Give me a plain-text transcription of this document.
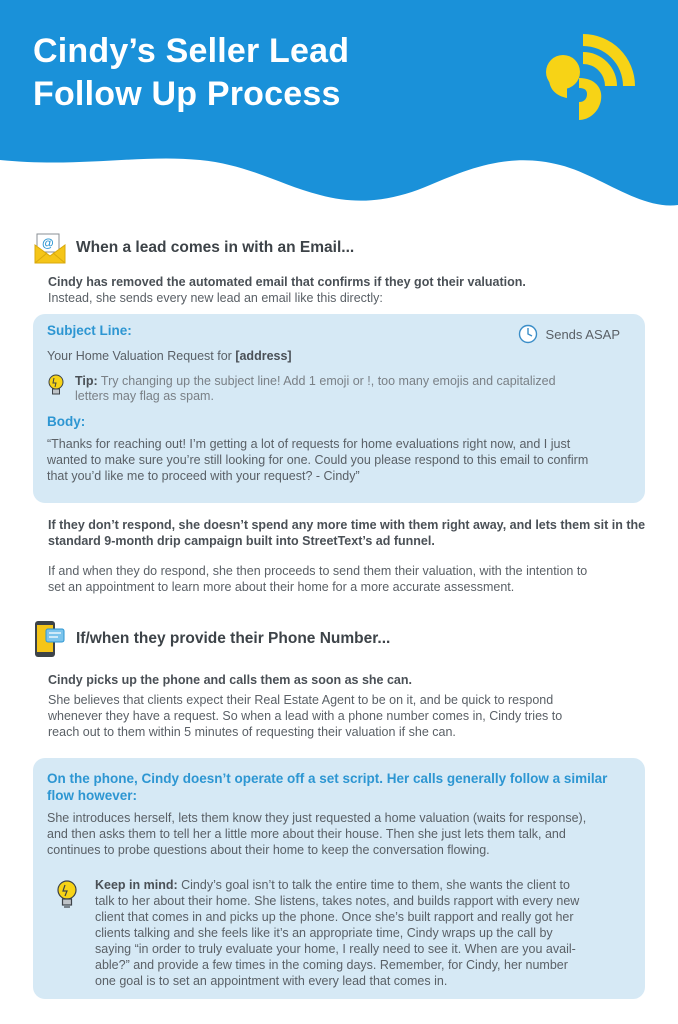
Cindy’s Seller Lead
Follow Up Process
@ When a lead comes in with an Email...

Cindy has removed the automated email that confirms if they got their valuation.

Instead, she sends every new lead an email like this directly:

Subject Line:	Sends ASAP
Your Home Valuation Request for [address]
Tip: Try changing up the subject line! Add 1 emoji or !, too many emojis and capitalized
letters may flag as spam.
Body:

“Thanks for reaching out! I’m getting a lot of requests for home evaluations right now, and I just

wanted to make sure you’re still looking for one. Could you please respond to this email to confirm

that you’d like me to proceed with your request? - Cindy”

If they don’t respond, she doesn’t spend any more time with them right away, and lets them sit in the

standard 9-month drip campaign built into StreetText’s ad funnel.

If and when they do respond, she then proceeds to send them their valuation, with the intention to

set an appointment to learn more about their home for a more accurate assessment.

If/when they provide their Phone Number...

Cindy picks up the phone and calls them as soon as she can.

She believes that clients expect their Real Estate Agent to be on it, and be quick to respond

whenever they have a request. So when a lead with a phone number comes in, Cindy tries to

reach out to them within 5 minutes of requesting their valuation if she can.

On the phone, Cindy doesn’t operate off a set script. Her calls generally follow a similar

flow however:

She introduces herself, lets them know they just requested a home valuation (waits for response),

and then asks them to tell her a little more about their house. Then she just lets them talk, and

continues to probe questions about their home to keep the conversation flowing.

Keep in mind: Cindy’s goal isn’t to talk the entire time to them, she wants the client to

talk to her about their home. She listens, takes notes, and builds rapport with every new

client that comes in and picks up the phone. Once she’s built rapport and really got her

clients talking and she feels like it’s an appropriate time, Cindy wraps up the call by

saying “in order to truly evaluate your home, I really need to see it. When are you avail-

able?” and provide a few times in the coming days. Remember, for Cindy, her number

one goal is to set an appointment with every lead that comes in.
